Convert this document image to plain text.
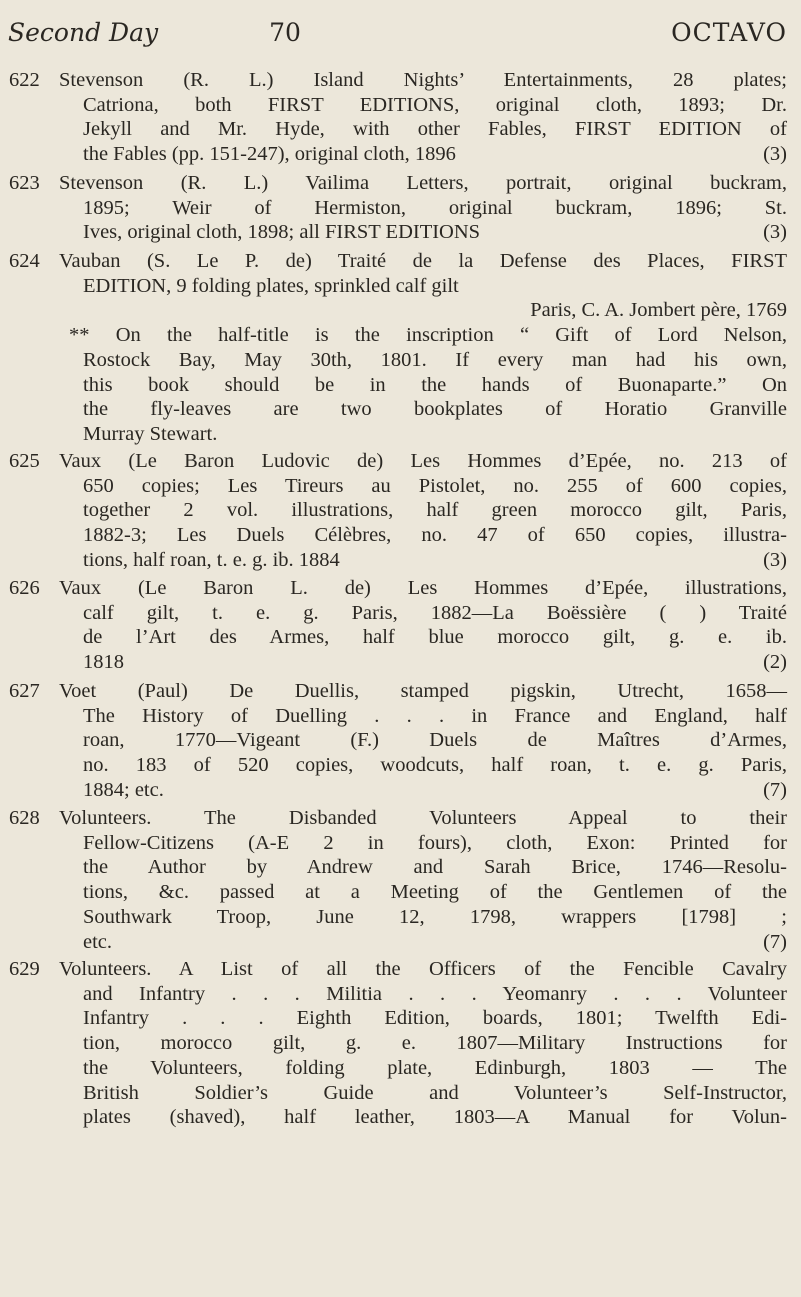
Second Day	70	OCTAVO
622 Stevenson (R. L.) Island Nights’ Entertainments, 28 plates;
Catriona, both FIRST EDITIONS, original cloth, 1893; Dr.
Jekyll and Mr. Hyde, with other Fables, FIRST EDITION of
the Fables (pp. 151-247), original cloth, 1896	(3)
623 Stevenson (R. L.) Vailima Letters, portrait, original buckram,
1895; Weir of Hermiston, original buckram, 1896; St.
Ives, original cloth, 1898; all FIRST EDITIONS	(3)
624 Vauban (S. Le P. de) Traité de la Defense des Places, FIRST
EDITION, 9 folding plates, sprinkled calf gilt
Paris, C. A. Jombert père, 1769
** On the half-title is the inscription “ Gift of Lord Nelson,
Rostock Bay, May 30th, 1801. If every man had his own,
this book should be in the hands of Buonaparte.” On
the fly-leaves are two bookplates of Horatio Granville
Murray Stewart.
625 Vaux (Le Baron Ludovic de) Les Hommes d’Epée, no. 213 of
650 copies; Les Tireurs au Pistolet, no. 255 of 600 copies,
together 2 vol. illustrations, half green morocco gilt, Paris,
1882-3; Les Duels Célèbres, no. 47 of 650 copies, illustra-
tions, half roan, t. e. g. ib. 1884	(3)
626 Vaux (Le Baron L. de) Les Hommes d’Epée, illustrations,
calf gilt, t. e. g. Paris, 1882—La Boëssière ( ) Traité
de l’Art des Armes, half blue morocco gilt, g. e. ib.
1818	(2)
627 Voet (Paul) De Duellis, stamped pigskin, Utrecht, 1658—
The History of Duelling . . . in France and England, half
roan, 1770—Vigeant (F.) Duels de Maîtres d’Armes,
no. 183 of 520 copies, woodcuts, half roan, t. e. g. Paris,
1884; etc.	(7)
628 Volunteers. The Disbanded Volunteers Appeal to their
Fellow-Citizens (A-E 2 in fours), cloth, Exon: Printed for
the Author by Andrew and Sarah Brice, 1746—Resolu-
tions, &c. passed at a Meeting of the Gentlemen of the
Southwark Troop, June 12, 1798, wrappers [1798] ;
etc.	(7)
629 Volunteers. A List of all the Officers of the Fencible Cavalry
and Infantry . . . Militia . . . Yeomanry . . . Volunteer
Infantry . . . Eighth Edition, boards, 1801; Twelfth Edi-
tion, morocco gilt, g. e. 1807—Military Instructions for
the Volunteers, folding plate, Edinburgh, 1803 — The
British Soldier’s Guide and Volunteer’s Self-Instructor,
plates (shaved), half leather, 1803—A Manual for Volun-
